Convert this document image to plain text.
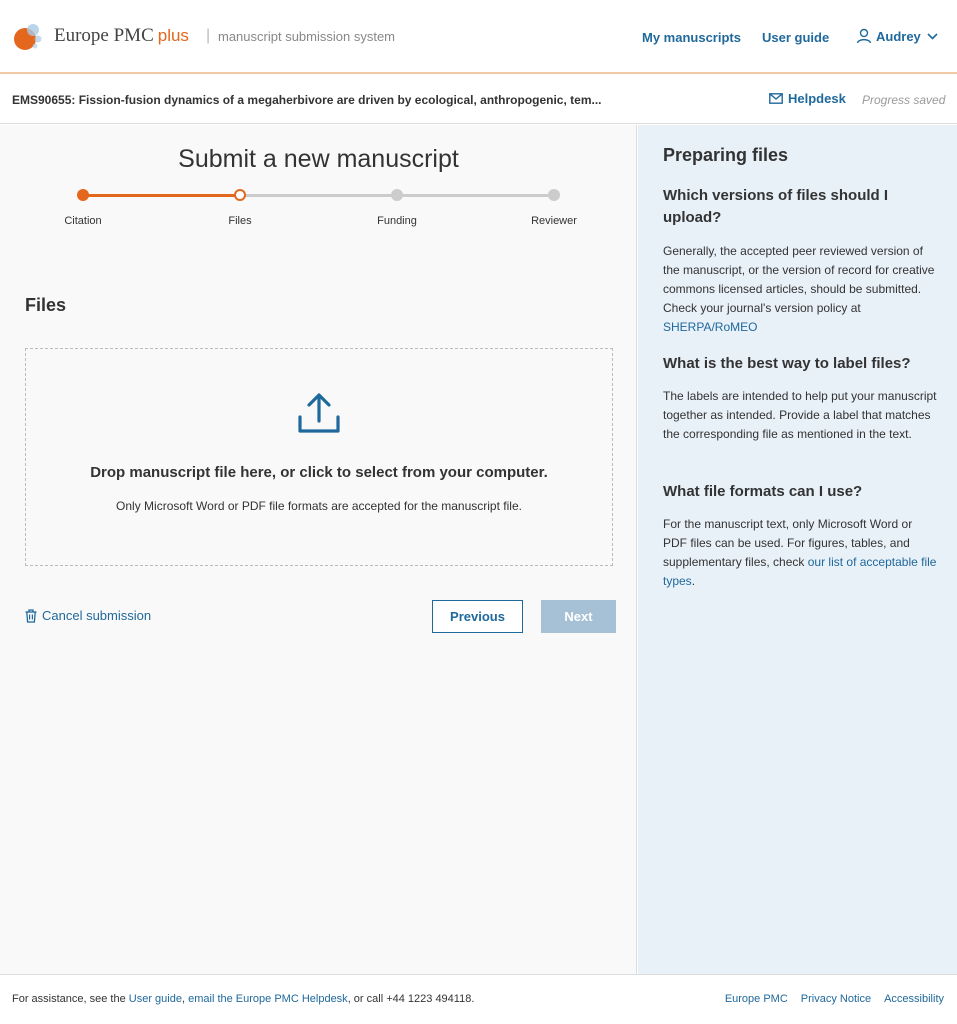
Europe PMC plus | manuscript submission system	My manuscripts User guide	Audrey
EMS90655: Fission-fusion dynamics of a megaherbivore are driven by ecological, anthropogenic, tem...	Helpdesk Progress saved
Submit a new manuscript
Citation	Files	Funding	Reviewer
Files
Drop manuscript file here, or click to select from your computer.
Only Microsoft Word or PDF file formats are accepted for the manuscript file.
Cancel submission	Previous	Next
Preparing files
Which versions of files should I upload?

Generally, the accepted peer reviewed version of the manuscript, or the version of record for creative commons licensed articles, should be submitted. Check your journal's version policy at SHERPA/RoMEO

What is the best way to label files?

The labels are intended to help put your manuscript together as intended. Provide a label that matches the corresponding file as mentioned in the text.

What file formats can I use?

For the manuscript text, only Microsoft Word or PDF files can be used. For figures, tables, and supplementary files, check our list of acceptable file types.

For assistance, see the User guide, email the Europe PMC Helpdesk, or call +44 1223 494118.	Europe PMC Privacy Notice Accessibility
